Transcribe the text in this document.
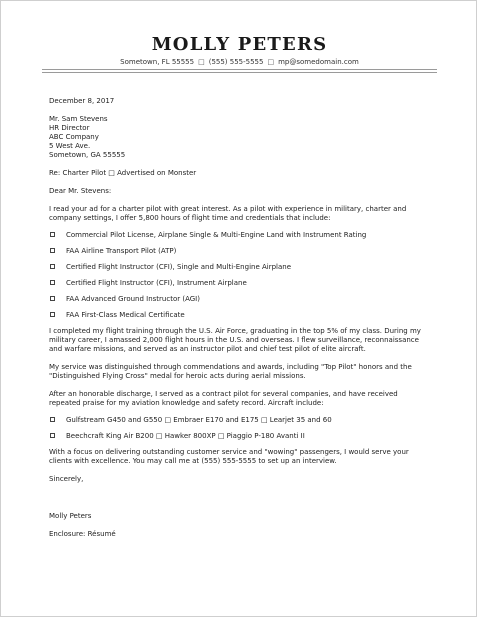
MOLLY PETERS
Sometown, FL 55555 □ (555) 555-5555 □ mp@somedomain.com

December 8, 2017

Mr. Sam Stevens
HR Director
ABC Company
5 West Ave.
Sometown, GA 55555

Re: Charter Pilot □ Advertised on Monster

Dear Mr. Stevens:

I read your ad for a charter pilot with great interest. As a pilot with experience in military, charter and company settings, I offer 5,800 hours of flight time and credentials that include:

Commercial Pilot License, Airplane Single & Multi-Engine Land with Instrument Rating
FAA Airline Transport Pilot (ATP)
Certified Flight Instructor (CFI), Single and Multi-Engine Airplane
Certified Flight Instructor (CFI), Instrument Airplane
FAA Advanced Ground Instructor (AGI)
FAA First-Class Medical Certificate

I completed my flight training through the U.S. Air Force, graduating in the top 5% of my class. During my military career, I amassed 2,000 flight hours in the U.S. and overseas. I flew surveillance, reconnaissance and warfare missions, and served as an instructor pilot and chief test pilot of elite aircraft.

My service was distinguished through commendations and awards, including "Top Pilot" honors and the "Distinguished Flying Cross" medal for heroic acts during aerial missions.

After an honorable discharge, I served as a contract pilot for several companies, and have received repeated praise for my aviation knowledge and safety record. Aircraft include:

Gulfstream G450 and G550 □ Embraer E170 and E175 □ Learjet 35 and 60
Beechcraft King Air B200 □ Hawker 800XP □ Piaggio P-180 Avanti II

With a focus on delivering outstanding customer service and "wowing" passengers, I would serve your clients with excellence. You may call me at (555) 555-5555 to set up an interview.

Sincerely,

Molly Peters

Enclosure: Résumé
